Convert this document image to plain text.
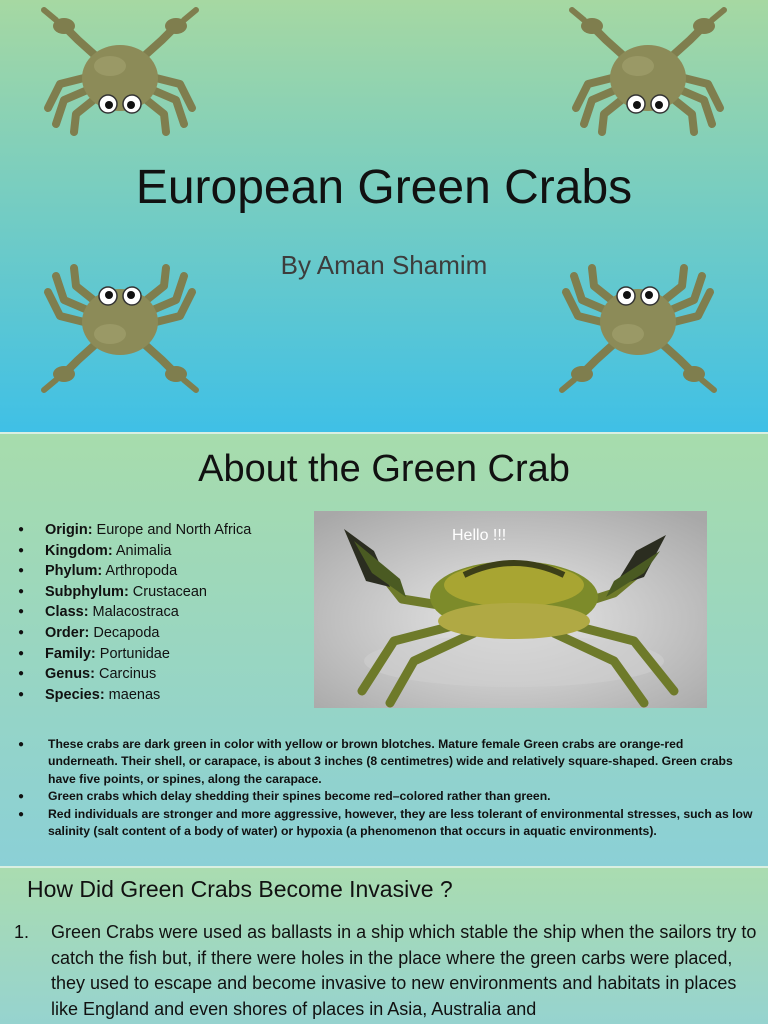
European Green Crabs
By Aman Shamim
About the Green Crab
● Origin: Europe and North Africa
● Kingdom: Animalia
● Phylum: Arthropoda
● Subphylum: Crustacean
● Class: Malacostraca
● Order: Decapoda
● Family: Portunidae
● Genus: Carcinus
● Species: maenas
Hello !!!
●	These crabs are dark green in color with yellow or brown blotches. Mature female Green crabs are orange-red underneath. Their shell, or carapace, is about 3 inches (8 centimetres) wide and relatively square-shaped. Green crabs have five points, or spines, along the carapace.
●	Green crabs which delay shedding their spines become red–colored rather than green.
●	Red individuals are stronger and more aggressive, however, they are less tolerant of environmental stresses, such as low salinity (salt content of a body of water) or hypoxia (a phenomenon that occurs in aquatic environments).
How Did Green Crabs Become Invasive ?
1.	Green Crabs were used as ballasts in a ship which stable the ship when the sailors try to catch the fish but, if there were holes in the place where the green carbs were placed, they used to escape and become invasive to new environments and habitats in places like England and even shores of places in Asia, Australia and
